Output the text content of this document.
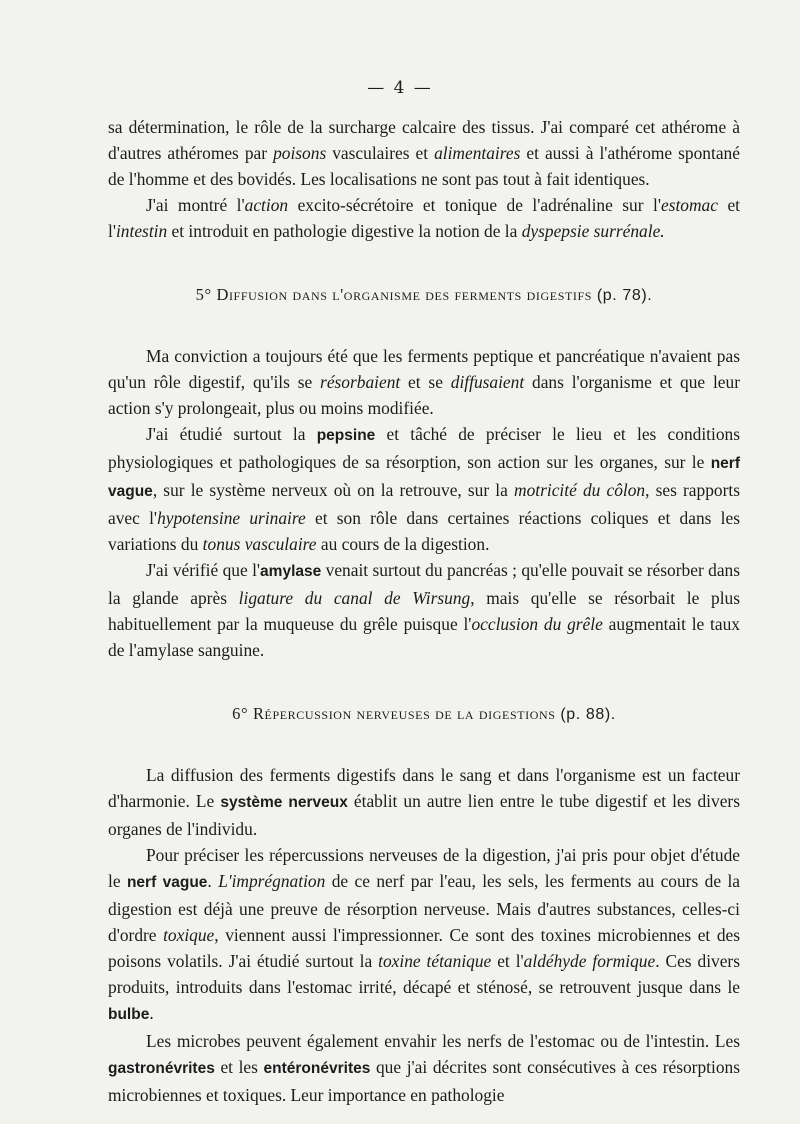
— 4 —

sa détermination, le rôle de la surcharge calcaire des tissus. J'ai comparé cet athérome à d'autres athéromes par poisons vasculaires et alimentaires et aussi à l'athérome spontané de l'homme et des bovidés. Les localisations ne sont pas tout à fait identiques.

J'ai montré l'action excito-sécrétoire et tonique de l'adrénaline sur l'estomac et l'intestin et introduit en pathologie digestive la notion de la dyspepsie surrénale.

5° Diffusion dans l'organisme des ferments digestifs (p. 78).

Ma conviction a toujours été que les ferments peptique et pancréatique n'avaient pas qu'un rôle digestif, qu'ils se résorbaient et se diffusaient dans l'organisme et que leur action s'y prolongeait, plus ou moins modifiée.

J'ai étudié surtout la pepsine et tâché de préciser le lieu et les conditions physiologiques et pathologiques de sa résorption, son action sur les organes, sur le nerf vague, sur le système nerveux où on la retrouve, sur la motricité du côlon, ses rapports avec l'hypotensine urinaire et son rôle dans certaines réactions coliques et dans les variations du tonus vasculaire au cours de la digestion.

J'ai vérifié que l'amylase venait surtout du pancréas ; qu'elle pouvait se résorber dans la glande après ligature du canal de Wirsung, mais qu'elle se résorbait le plus habituellement par la muqueuse du grêle puisque l'occlusion du grêle augmentait le taux de l'amylase sanguine.

6° Répercussion nerveuses de la digestions (p. 88).

La diffusion des ferments digestifs dans le sang et dans l'organisme est un facteur d'harmonie. Le système nerveux établit un autre lien entre le tube digestif et les divers organes de l'individu.

Pour préciser les répercussions nerveuses de la digestion, j'ai pris pour objet d'étude le nerf vague. L'imprégnation de ce nerf par l'eau, les sels, les ferments au cours de la digestion est déjà une preuve de résorption nerveuse. Mais d'autres substances, celles-ci d'ordre toxique, viennent aussi l'impressionner. Ce sont des toxines microbiennes et des poisons volatils. J'ai étudié surtout la toxine tétanique et l'aldéhyde formique. Ces divers produits, introduits dans l'estomac irrité, décapé et sténosé, se retrouvent jusque dans le bulbe.

Les microbes peuvent également envahir les nerfs de l'estomac ou de l'intestin. Les gastronévrites et les entéronévrites que j'ai décrites sont consécutives à ces résorptions microbiennes et toxiques. Leur importance en pathologie
